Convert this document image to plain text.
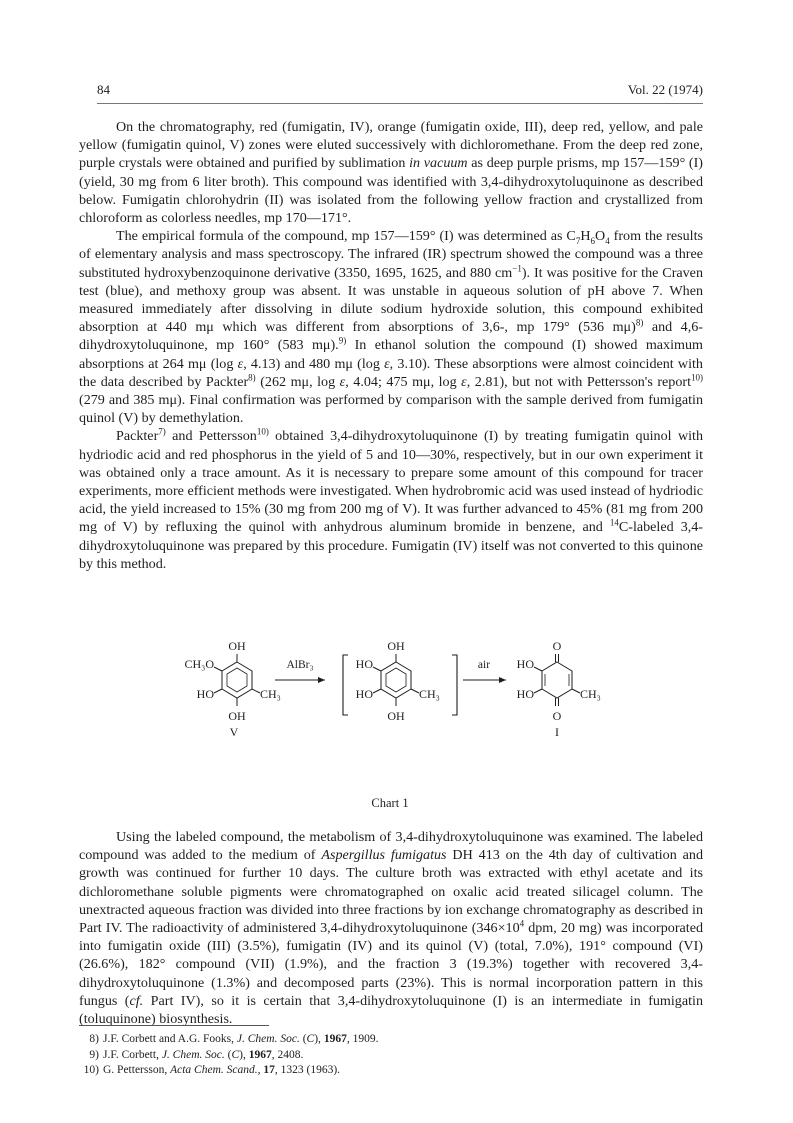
84	Vol. 22 (1974)

On the chromatography, red (fumigatin, IV), orange (fumigatin oxide, III), deep red, yellow, and pale yellow (fumigatin quinol, V) zones were eluted successively with dichloromethane. From the deep red zone, purple crystals were obtained and purified by sublimation in vacuum as deep purple prisms, mp 157—159° (I) (yield, 30 mg from 6 liter broth). This compound was identified with 3,4-dihydroxytoluquinone as described below. Fumigatin chlorohydrin (II) was isolated from the following yellow fraction and crystallized from chloroform as colorless needles, mp 170—171°.

The empirical formula of the compound, mp 157—159° (I) was determined as $C_7H_6O_4$ from the results of elementary analysis and mass spectroscopy. The infrared (IR) spectrum showed the compound was a three substituted hydroxybenzoquinone derivative (3350, 1695, 1625, and 880 $cm^{-1}$). It was positive for the Craven test (blue), and methoxy group was absent. It was unstable in aqueous solution of pH above 7. When measured immediately after dissolving in dilute sodium hydroxide solution, this compound exhibited absorption at 440 mμ which was different from absorptions of 3,6-, mp 179° (536 mμ)$^{8)}$ and 4,6-dihydroxytoluquinone, mp 160° (583 mμ).$^{9)}$ In ethanol solution the compound (I) showed maximum absorptions at 264 mμ (log ε, 4.13) and 480 mμ (log ε, 3.10). These absorptions were almost coincident with the data described by Packter$^{8)}$ (262 mμ, log ε, 4.04; 475 mμ, log ε, 2.81), but not with Pettersson's report$^{10)}$ (279 and 385 mμ). Final confirmation was performed by comparison with the sample derived from fumigatin quinol (V) by demethylation.

Packter$^{7)}$ and Pettersson$^{10)}$ obtained 3,4-dihydroxytoluquinone (I) by treating fumigatin quinol with hydriodic acid and red phosphorus in the yield of 5 and 10—30%, respectively, but in our own experiment it was obtained only a trace amount. As it is necessary to prepare some amount of this compound for tracer experiments, more efficient methods were investigated. When hydrobromic acid was used instead of hydriodic acid, the yield increased to 15% (30 mg from 200 mg of V). It was further advanced to 45% (81 mg from 200 mg of V) by refluxing the quinol with anhydrous aluminum bromide in benzene, and $^{14}$C-labeled 3,4-dihydroxytoluquinone was prepared by this procedure. Fumigatin (IV) itself was not converted to this quinone by this method.

OH
CH₃O
HO	CH₃
OH
V
AlBr₃
OH
HO
HO	CH₃
OH
air
O
HO
HO	CH₃
O
I
Chart 1

Using the labeled compound, the metabolism of 3,4-dihydroxytoluquinone was examined. The labeled compound was added to the medium of Aspergillus fumigatus DH 413 on the 4th day of cultivation and growth was continued for further 10 days. The culture broth was extracted with ethyl acetate and its dichloromethane soluble pigments were chromatographed on oxalic acid treated silicagel column. The unextracted aqueous fraction was divided into three fractions by ion exchange chromatography as described in Part IV. The radioactivity of administered 3,4-dihydroxytoluquinone ($346\times 10^4$ dpm, 20 mg) was incorporated into fumigatin oxide (III) (3.5%), fumigatin (IV) and its quinol (V) (total, 7.0%), 191° compound (VI) (26.6%), 182° compound (VII) (1.9%), and the fraction 3 (19.3%) together with recovered 3,4-dihydroxytoluquinone (1.3%) and decomposed parts (23%). This is normal incorporation pattern in this fungus (cf. Part IV), so it is certain that 3,4-dihydroxytoluquinone (I) is an intermediate in fumigatin (toluquinone) biosynthesis.

8) J.F. Corbett and A.G. Fooks, J. Chem. Soc. (C), 1967, 1909.
9) J.F. Corbett, J. Chem. Soc. (C), 1967, 2408.
10) G. Pettersson, Acta Chem. Scand., 17, 1323 (1963).
